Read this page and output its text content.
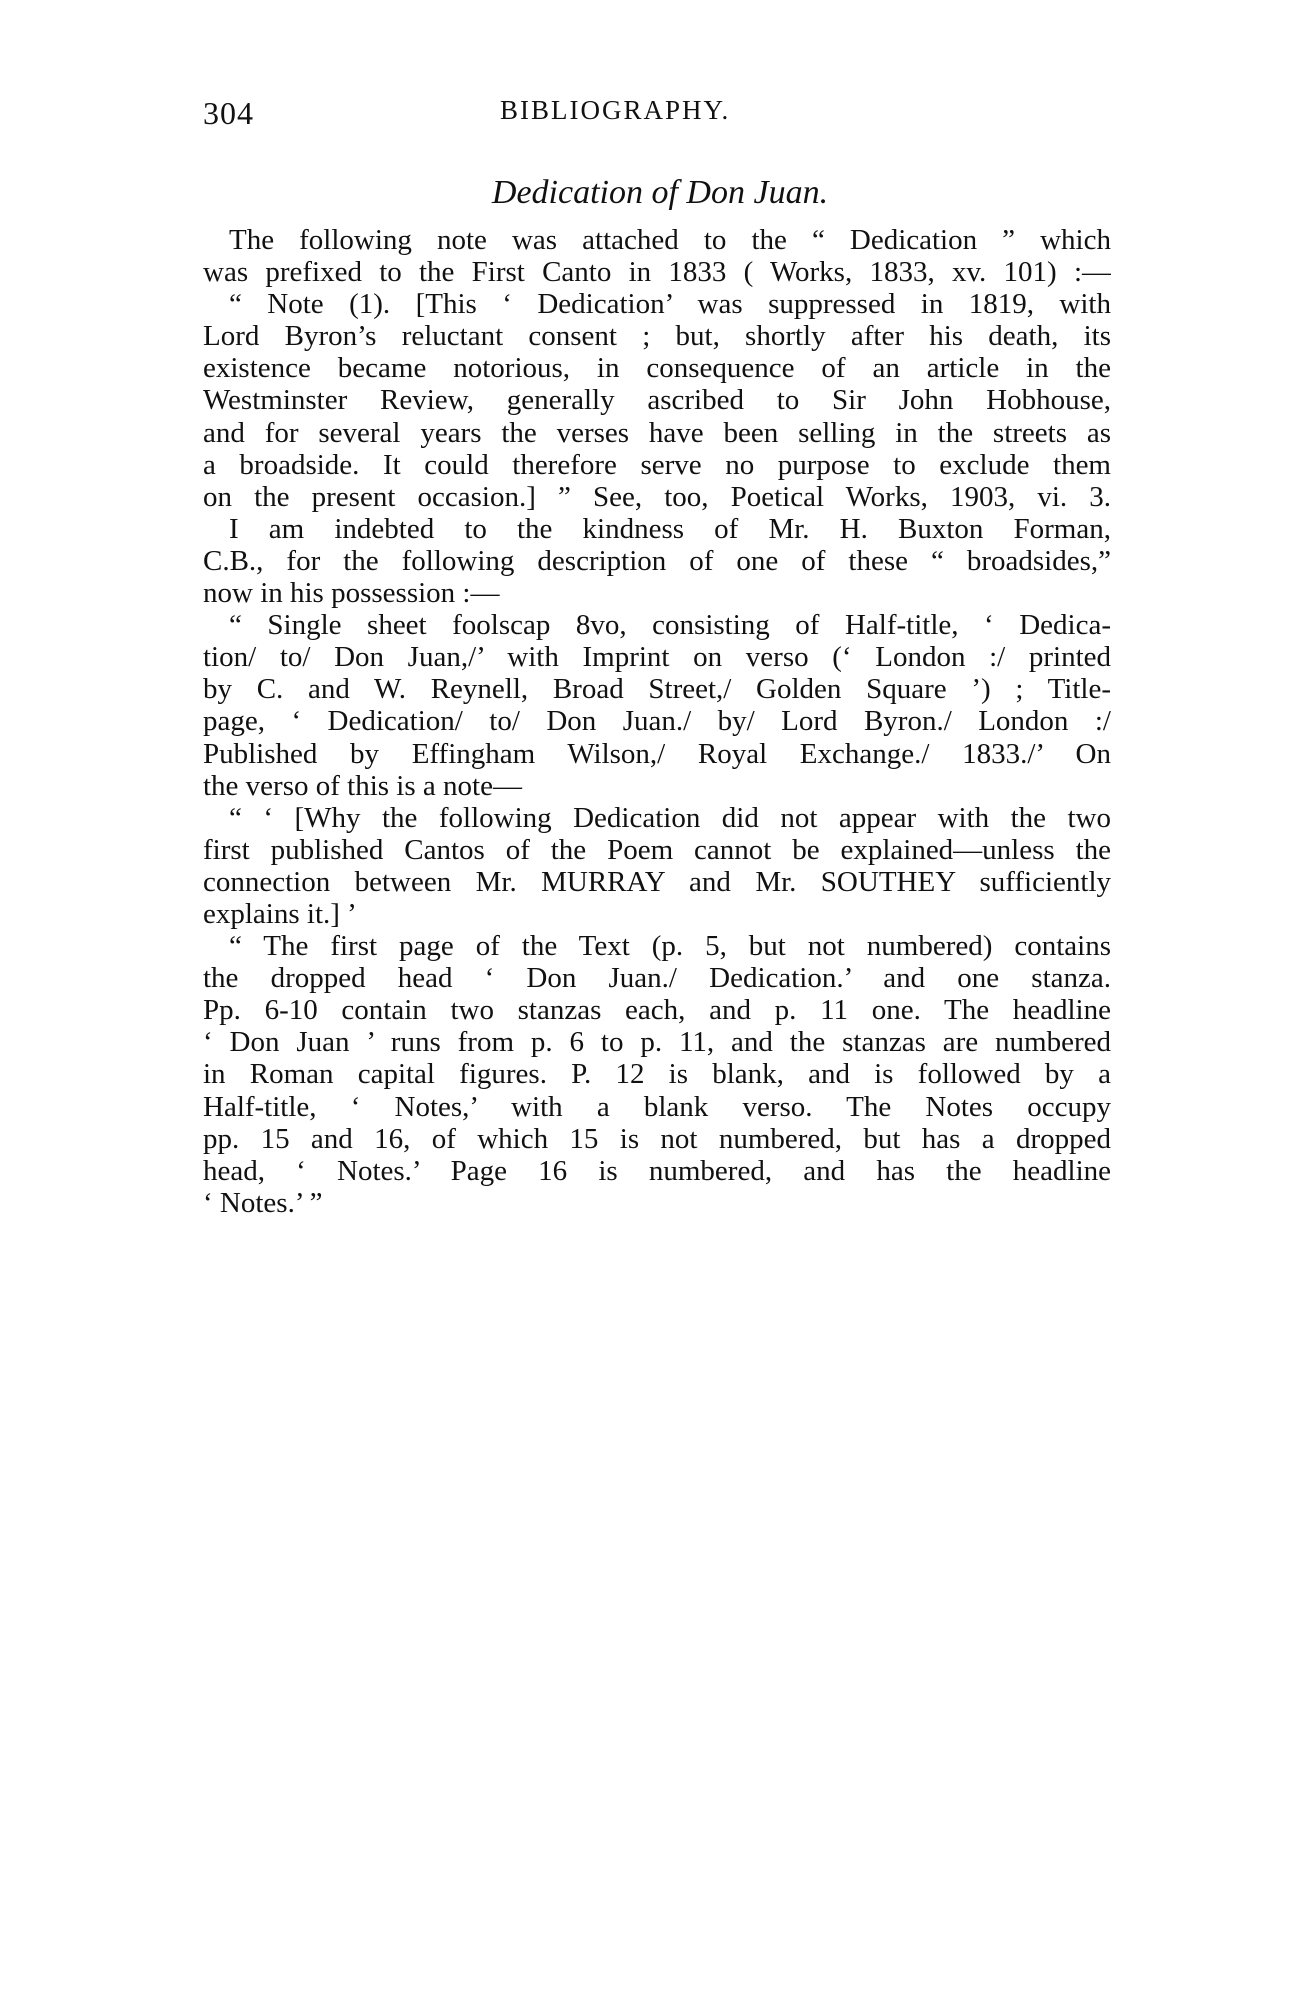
304	BIBLIOGRAPHY.
Dedication of Don Juan.
The following note was attached to the “ Dedication ” which
was prefixed to the First Canto in 1833 ( Works, 1833, xv. 101) :—
“ Note (1). [This ‘ Dedication’ was suppressed in 1819, with
Lord Byron’s reluctant consent ; but, shortly after his death, its
existence became notorious, in consequence of an article in the
Westminster Review, generally ascribed to Sir John Hobhouse,
and for several years the verses have been selling in the streets as
a broadside. It could therefore serve no purpose to exclude them
on the present occasion.] ” See, too, Poetical Works, 1903, vi. 3.
I am indebted to the kindness of Mr. H. Buxton Forman,
C.B., for the following description of one of these “ broadsides,”
now in his possession :—
“ Single sheet foolscap 8vo, consisting of Half-title, ‘ Dedica-
tion/ to/ Don Juan,/’ with Imprint on verso (‘ London :/ printed
by C. and W. Reynell, Broad Street,/ Golden Square ’) ; Title-
page, ‘ Dedication/ to/ Don Juan./ by/ Lord Byron./ London :/
Published by Effingham Wilson,/ Royal Exchange./ 1833./’ On
the verso of this is a note—
“ ‘ [Why the following Dedication did not appear with the two
first published Cantos of the Poem cannot be explained—unless the
connection between Mr. MURRAY and Mr. SOUTHEY sufficiently
explains it.] ’
“ The first page of the Text (p. 5, but not numbered) contains
the dropped head ‘ Don Juan./ Dedication.’ and one stanza.
Pp. 6-10 contain two stanzas each, and p. 11 one. The headline
‘ Don Juan ’ runs from p. 6 to p. 11, and the stanzas are numbered
in Roman capital figures. P. 12 is blank, and is followed by a
Half-title, ‘ Notes,’ with a blank verso. The Notes occupy
pp. 15 and 16, of which 15 is not numbered, but has a dropped
head, ‘ Notes.’ Page 16 is numbered, and has the headline
‘ Notes.’ ”
